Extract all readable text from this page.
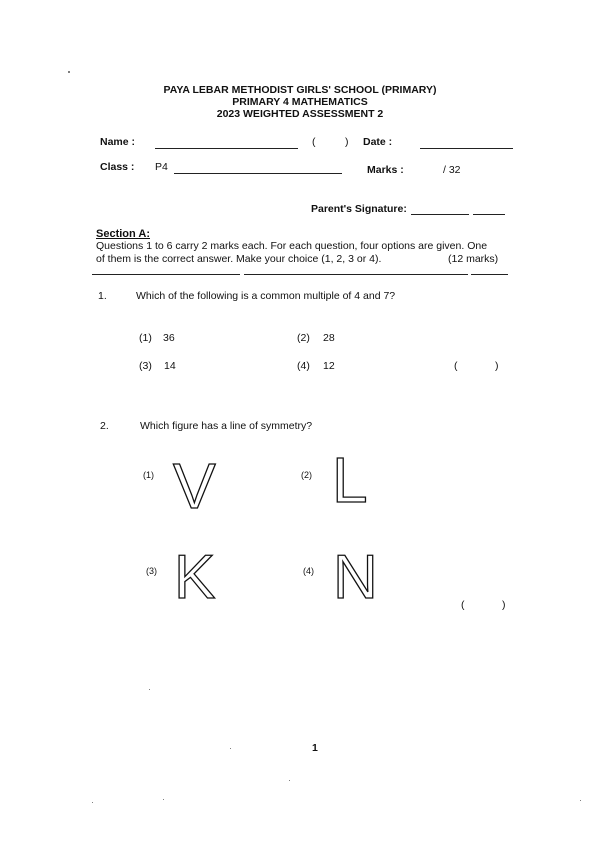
PAYA LEBAR METHODIST GIRLS' SCHOOL (PRIMARY)
PRIMARY 4 MATHEMATICS
2023 WEIGHTED ASSESSMENT 2
Name :	(	) Date :
Class : P4	Marks :	/ 32
Parent's Signature:
Section A:
Questions 1 to 6 carry 2 marks each. For each question, four options are given. One
of them is the correct answer. Make your choice (1, 2, 3 or 4).	(12 marks)
1.	Which of the following is a common multiple of 4 and 7?
(1) 36	(2) 28
(3) 14	(4) 12	(	)
2.	Which figure has a line of symmetry?
(1)	(2)
(3)	(4)
V L
K N	(	)
1
